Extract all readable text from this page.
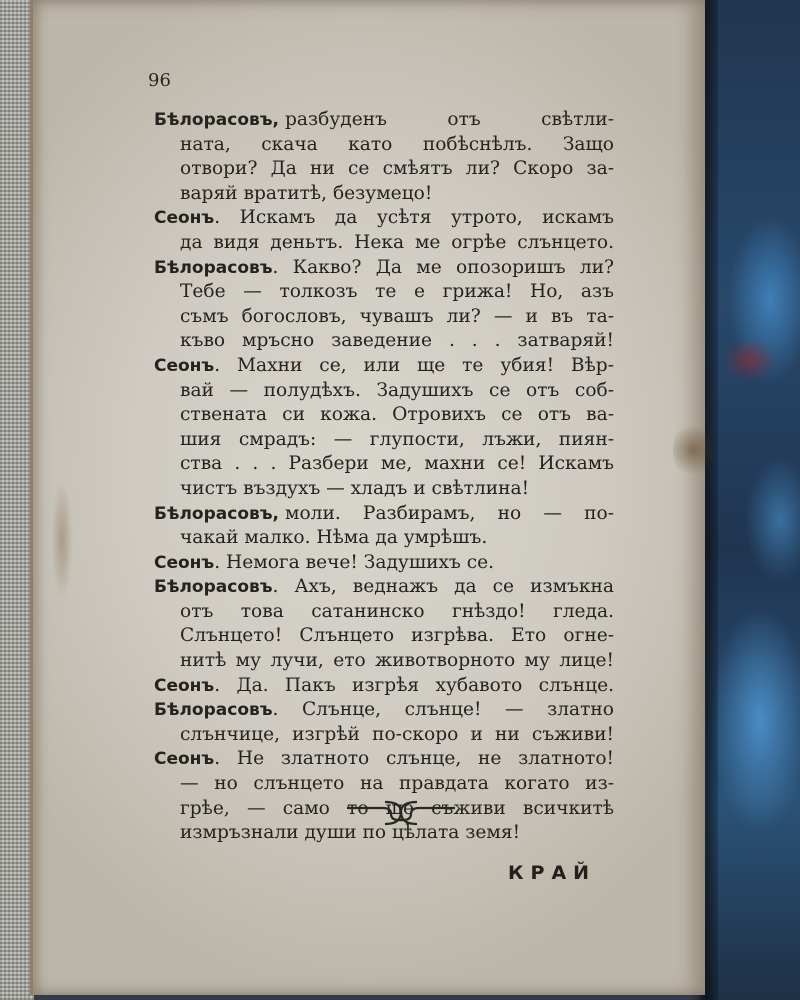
96
Бѣлорасовъ, разбуденъ отъ свѣтли-
ната, скача като побѣснѣлъ. Защо
отвори? Да ни се смѣятъ ли? Скоро за-
варяй вратитѣ, безумецо!
Сеонъ . Искамъ да усѣтя утрото, искамъ
да видя деньтъ. Нека ме огрѣе слънцето.
Бѣлорасовъ . Какво? Да ме опозоришъ ли?
Тебе — толкозъ те е грижа! Но, азъ
съмъ богословъ, чувашъ ли? — и въ та-
къво мръсно заведение . . . затваряй!
Сеонъ . Махни се, или ще те убия! Вѣр-
вай — полудѣхъ. Задушихъ се отъ соб-
ствената си кожа. Отровихъ се отъ ва-
шия смрадъ: — глупости, лъжи, пиян-
ства . . . Разбери ме, махни се! Искамъ
чистъ въздухъ — хладъ и свѣтлина!
Бѣлорасовъ, моли. Разбирамъ, но — по-
чакай малко. Нѣма да умрѣшъ.
Сеонъ . Немога вече! Задушихъ се.
Бѣлорасовъ . Ахъ, веднажъ да се измъкна
отъ това сатанинско гнѣздо! гледа.
Слънцето! Слънцето изгрѣва. Ето огне-
нитѣ му лучи, ето животворното му лице!
Сеонъ . Да. Пакъ изгрѣя хубавото слънце.
Бѣлорасовъ . Слънце, слънце! — златно
слънчице, изгрѣй по-скоро и ни съживи!
Сеонъ . Не златното слънце, не златното!
— но слънцето на правдата когато из-
грѣе, — само то ще съживи всичкитѣ
измръзнали души по цѣлата земя!
КРАЙ
